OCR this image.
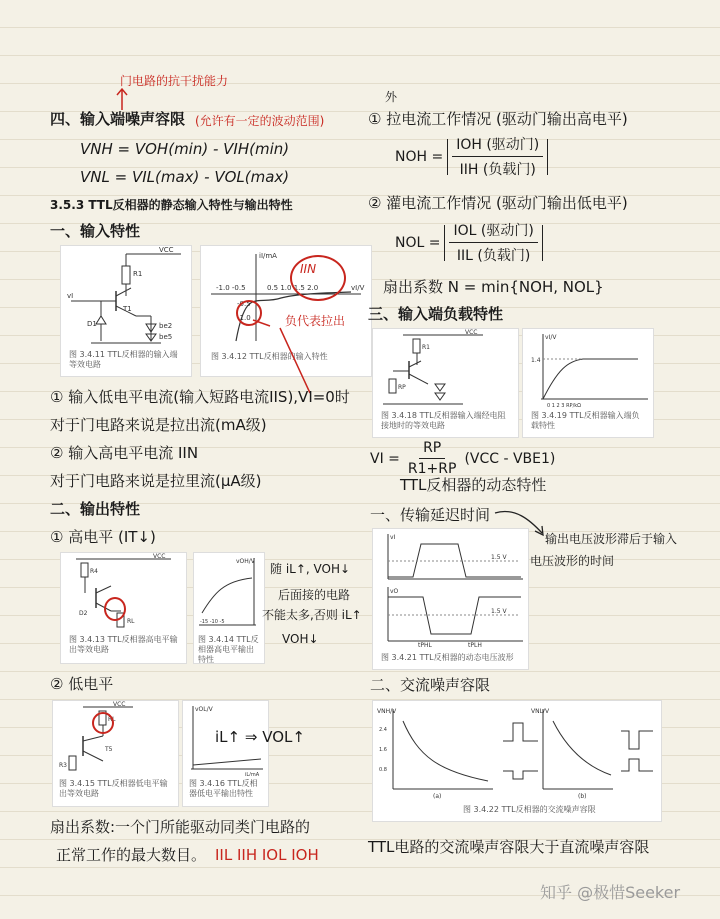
门电路的抗干扰能力
四、输入端噪声容限 (允许有一定的波动范围)
VNH = VOH(min) - VIH(min)
VNL = VIL(max) - VOL(max)
3.5.3 TTL反相器的静态输入特性与输出特性
一、输入特性
VCC
R1
vI
T1
D1	be2
be5
图 3.4.11 TTL反相器的输入端等效电路
iI/mA
-1.0 -0.5	0.5 1.0 1.5 2.0
-0.5
-1.0
vI/V
图 3.4.12 TTL反相器的输入特性
IIN
负代表拉出
① 输入低电平电流(输入短路电流IIS),VI=0时
对于门电路来说是拉出流(mA级)
② 输入高电平电流 IIN
对于门电路来说是拉里流(μA级)
二、输出特性
① 高电平 (IT↓)
VCC
R4
D2
RL
图 3.4.13 TTL反相器高电平输出等效电路
vOH/V
-15 -10 -5
图 3.4.14 TTL反相器高电平输出特性
随 iL↑, VOH↓
后面接的电路
不能太多,否则 iL↑
VOH↓
② 低电平
VCC
RL
T5
R3
图 3.4.15 TTL反相器低电平输出等效电路
vOL/V
iL/mA
图 3.4.16 TTL反相器低电平输出特性
iL↑ ⇒ VOL↑
扇出系数:一个门所能驱动同类门电路的
正常工作的最大数目。 IIL IIH IOL IOH
外
① 拉电流工作情况 (驱动门输出高电平)
NOH = $\frac{\text{IOH (驱动门)}}{\text{IIH (负载门)}}$
② 灌电流工作情况 (驱动门输出低电平)
NOL = $\frac{\text{IOL (驱动门)}}{\text{IIL (负载门)}}$
扇出系数 N = min{NOH, NOL}
三、输入端负载特性
VCC
R1
RP
图 3.4.18 TTL反相器输入端经电阻接地时的等效电路
vI/V
1.4
0 1 2 3 RP/kΩ
图 3.4.19 TTL反相器输入端负载特性
VI = $\frac{RP}{R1+RP} (VCC - VBE1)$
TTL反相器的动态特性
一、传输延迟时间
输出电压波形滞后于输入
电压波形的时间
vI
1.5 V
vO
1.5 V
tPHL	tPLH
图 3.4.21 TTL反相器的动态电压波形
二、交流噪声容限
VNH/V
2.4
1.6
0.8
VNL/V
(a)	(b)
图 3.4.22 TTL反相器的交流噪声容限
TTL电路的交流噪声容限大于直流噪声容限
知乎 @极惜Seeker
